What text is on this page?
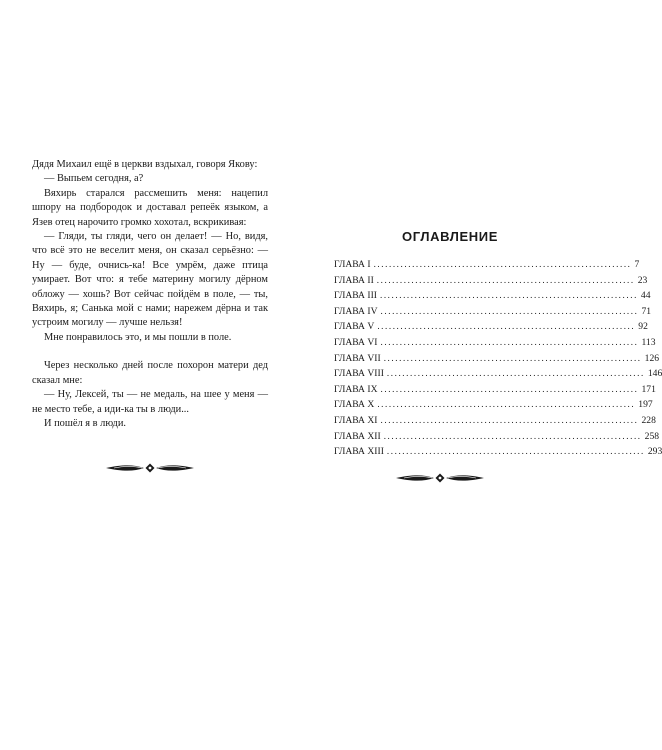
Дядя Михаил ещё в церкви вздыхал, говоря Якову:

— Выпьем сегодня, а?

Вяхирь старался рассмешить меня: нацепил шпору на подбородок и доставал репеёк языком, а Язев отец нарочито громко хохотал, вскрикивая:

— Гляди, ты гляди, чего он делает! — Но, видя, что всё это не веселит меня, он сказал серьёзно: — Ну — буде, очнись-ка! Все умрём, даже птица умирает. Вот что: я тебе материну могилу дёрном обложу — хошь? Вот сейчас пойдём в поле, — ты, Вяхирь, я; Санька мой с нами; нарежем дёрна и так устроим могилу — лучше нельзя!

Мне понравилось это, и мы пошли в поле.

Через несколько дней после похорон матери дед сказал мне:

— Ну, Лексей, ты — не медаль, на шее у меня — не место тебе, а иди-ка ты в люди...

И пошёл я в люди.

ОГЛАВЛЕНИЕ
ГЛАВА I ................................................................... 7
ГЛАВА II ................................................................... 23
ГЛАВА III ................................................................... 44
ГЛАВА IV ................................................................... 71
ГЛАВА V ................................................................... 92
ГЛАВА VI ................................................................... 113
ГЛАВА VII ................................................................... 126
ГЛАВА VIII ................................................................... 146
ГЛАВА IX ................................................................... 171
ГЛАВА X ................................................................... 197
ГЛАВА XI ................................................................... 228
ГЛАВА XII ................................................................... 258
ГЛАВА XIII ................................................................... 293
